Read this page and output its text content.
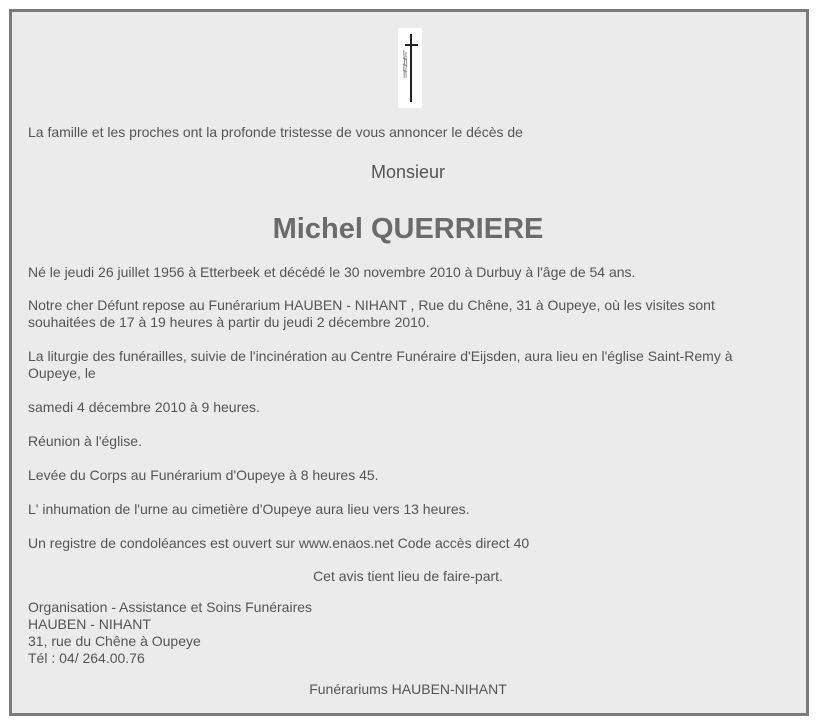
La famille et les proches ont la profonde tristesse de vous annoncer le décès de

Monsieur

Michel QUERRIERE

Né le jeudi 26 juillet 1956 à Etterbeek et décédé le 30 novembre 2010 à Durbuy à l'âge de 54 ans.

Notre cher Défunt repose au Funérarium HAUBEN - NIHANT , Rue du Chêne, 31 à Oupeye, où les visites sont

souhaitées de 17 à 19 heures à partir du jeudi 2 décembre 2010.

La liturgie des funérailles, suivie de l'incinération au Centre Funéraire d'Eijsden, aura lieu en l'église Saint-Remy à

Oupeye, le

samedi 4 décembre 2010 à 9 heures.

Réunion à l'église.

Levée du Corps au Funérarium d'Oupeye à 8 heures 45.

L' inhumation de l'urne au cimetière d'Oupeye aura lieu vers 13 heures.

Un registre de condoléances est ouvert sur www.enaos.net Code accès direct 40

Cet avis tient lieu de faire-part.

Organisation - Assistance et Soins Funéraires

HAUBEN - NIHANT

31, rue du Chêne à Oupeye

Tél : 04/ 264.00.76

Funérariums HAUBEN-NIHANT
